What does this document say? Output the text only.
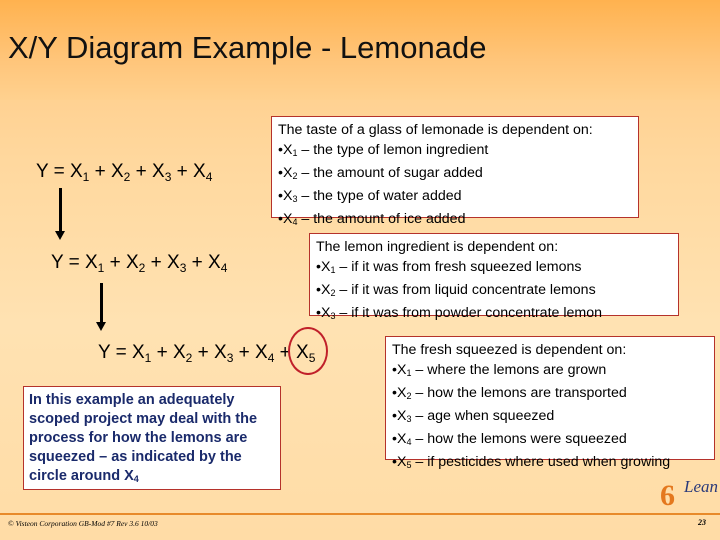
X/Y Diagram Example - Lemonade
$Y = X_1 + X_2 + X_3 + X_4$
$Y = X_1 + X_2 + X_3 + X_4$
$Y = X_1 + X_2 + X_3 + X_4 + X_5$
The taste of a glass of lemonade is dependent on:
$•X_1$ – the type of lemon ingredient
$•X_2$ – the amount of sugar added
$•X_3$ – the type of water added
$•X_4$ – the amount of ice added
The lemon ingredient is dependent on:
$•X_1$ – if it was from fresh squeezed lemons
$•X_2$ – if it was from liquid concentrate lemons
$•X_3$ – if it was from powder concentrate lemon
The fresh squeezed is dependent on:
$•X_1$ – where the lemons are grown
$•X_2$ – how the lemons are transported
$•X_3$ – age when squeezed
$•X_4$ – how the lemons were squeezed
$•X_5$ – if pesticides where used when growing
In this example an adequately scoped project may deal with the process for how the lemons are squeezed – as indicated by the circle around $X_4$	6 Lean
© Visteon Corporation GB-Mod #7 Rev 3.6 10/03	23
